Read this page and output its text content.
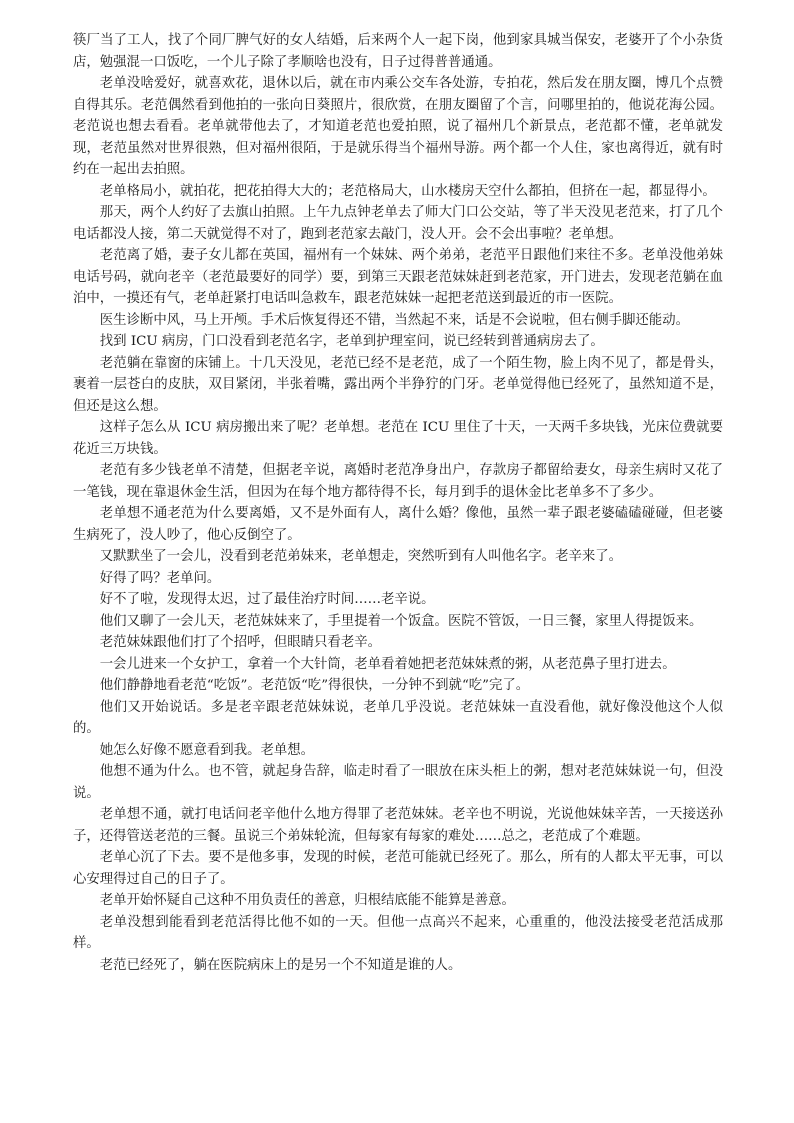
筷厂当了工人，找了个同厂脾气好的女人结婚，后来两个人一起下岗，他到家具城当保安，老婆开了个小杂货店，勉强混一口饭吃，一个儿子除了孝顺啥也没有，日子过得普普通通。

老单没啥爱好，就喜欢花，退休以后，就在市内乘公交车各处游，专拍花，然后发在朋友圈，博几个点赞自得其乐。老范偶然看到他拍的一张向日葵照片，很欣赏，在朋友圈留了个言，问哪里拍的，他说花海公园。老范说也想去看看。老单就带他去了，才知道老范也爱拍照，说了福州几个新景点，老范都不懂，老单就发现，老范虽然对世界很熟，但对福州很陌，于是就乐得当个福州导游。两个都一个人住，家也离得近，就有时约在一起出去拍照。

老单格局小，就拍花，把花拍得大大的；老范格局大，山水楼房天空什么都拍，但挤在一起，都显得小。

那天，两个人约好了去旗山拍照。上午九点钟老单去了师大门口公交站，等了半天没见老范来，打了几个电话都没人接，第二天就觉得不对了，跑到老范家去敲门，没人开。会不会出事啦？老单想。

老范离了婚，妻子女儿都在英国，福州有一个妹妹、两个弟弟，老范平日跟他们来往不多。老单没他弟妹电话号码，就向老辛（老范最要好的同学）要，到第三天跟老范妹妹赶到老范家，开门进去，发现老范躺在血泊中，一摸还有气，老单赶紧打电话叫急救车，跟老范妹妹一起把老范送到最近的市一医院。

医生诊断中风，马上开颅。手术后恢复得还不错，当然起不来，话是不会说啦，但右侧手脚还能动。

找到 ICU 病房，门口没看到老范名字，老单到护理室问，说已经转到普通病房去了。

老范躺在靠窗的床铺上。十几天没见，老范已经不是老范，成了一个陌生物，脸上肉不见了，都是骨头，裹着一层苍白的皮肤，双目紧闭，半张着嘴，露出两个半狰狞的门牙。老单觉得他已经死了，虽然知道不是，但还是这么想。

这样子怎么从 ICU 病房搬出来了呢？老单想。老范在 ICU 里住了十天，一天两千多块钱，光床位费就要花近三万块钱。

老范有多少钱老单不清楚，但据老辛说，离婚时老范净身出户，存款房子都留给妻女，母亲生病时又花了一笔钱，现在靠退休金生活，但因为在每个地方都待得不长，每月到手的退休金比老单多不了多少。

老单想不通老范为什么要离婚，又不是外面有人，离什么婚？像他，虽然一辈子跟老婆磕磕碰碰，但老婆生病死了，没人吵了，他心反倒空了。

又默默坐了一会儿，没看到老范弟妹来，老单想走，突然听到有人叫他名字。老辛来了。

好得了吗？老单问。

好不了啦，发现得太迟，过了最佳治疗时间……老辛说。

他们又聊了一会儿天，老范妹妹来了，手里提着一个饭盒。医院不管饭，一日三餐，家里人得提饭来。

老范妹妹跟他们打了个招呼，但眼睛只看老辛。

一会儿进来一个女护工，拿着一个大针筒，老单看着她把老范妹妹煮的粥，从老范鼻子里打进去。

他们静静地看老范“吃饭”。老范饭“吃”得很快，一分钟不到就“吃”完了。

他们又开始说话。多是老辛跟老范妹妹说，老单几乎没说。老范妹妹一直没看他，就好像没他这个人似的。

她怎么好像不愿意看到我。老单想。

他想不通为什么。也不管，就起身告辞，临走时看了一眼放在床头柜上的粥，想对老范妹妹说一句，但没说。

老单想不通，就打电话问老辛他什么地方得罪了老范妹妹。老辛也不明说，光说他妹妹辛苦，一天接送孙子，还得管送老范的三餐。虽说三个弟妹轮流，但每家有每家的难处……总之，老范成了个难题。

老单心沉了下去。要不是他多事，发现的时候，老范可能就已经死了。那么，所有的人都太平无事，可以心安理得过自己的日子了。

老单开始怀疑自己这种不用负责任的善意，归根结底能不能算是善意。

老单没想到能看到老范活得比他不如的一天。但他一点高兴不起来，心重重的，他没法接受老范活成那样。

老范已经死了，躺在医院病床上的是另一个不知道是谁的人。
